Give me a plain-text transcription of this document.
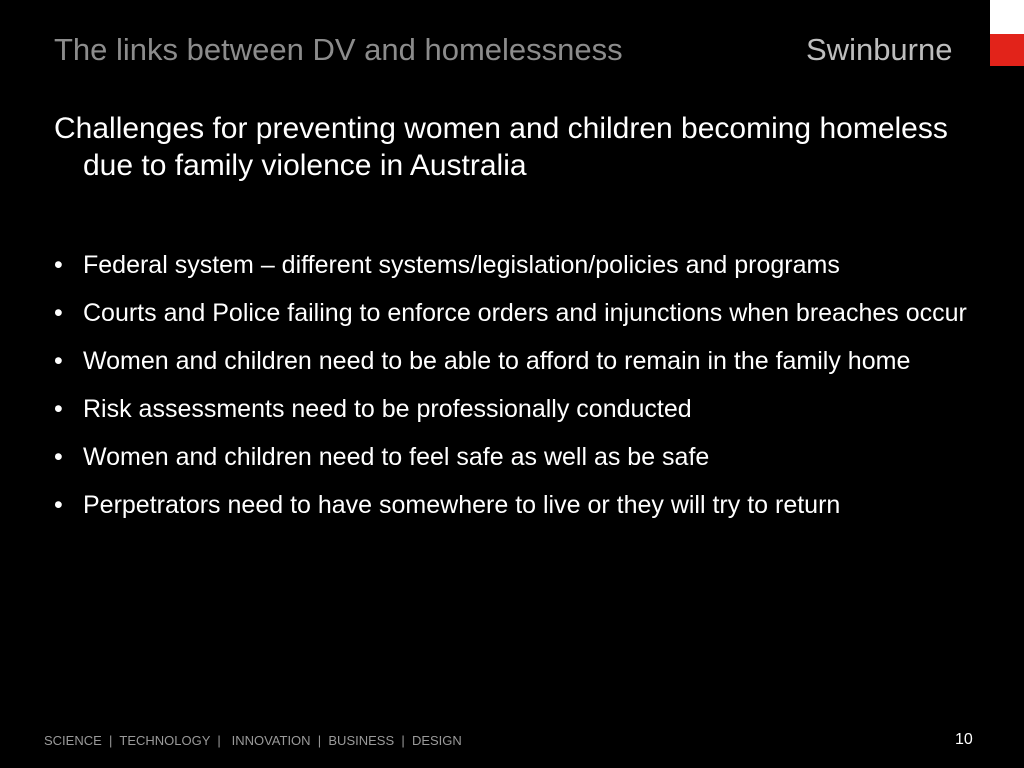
The links between DV and homelessness	Swinburne
Challenges for preventing women and children becoming homeless due to family violence in Australia
• Federal system – different systems/legislation/policies and programs
• Courts and Police failing to enforce orders and injunctions when breaches occur
• Women and children need to be able to afford to remain in the family home
• Risk assessments need to be professionally conducted
• Women and children need to feel safe as well as be safe
• Perpetrators need to have somewhere to live or they will try to return
SCIENCE  |  TECHNOLOGY  |   INNOVATION  |  BUSINESS  |  DESIGN	10
